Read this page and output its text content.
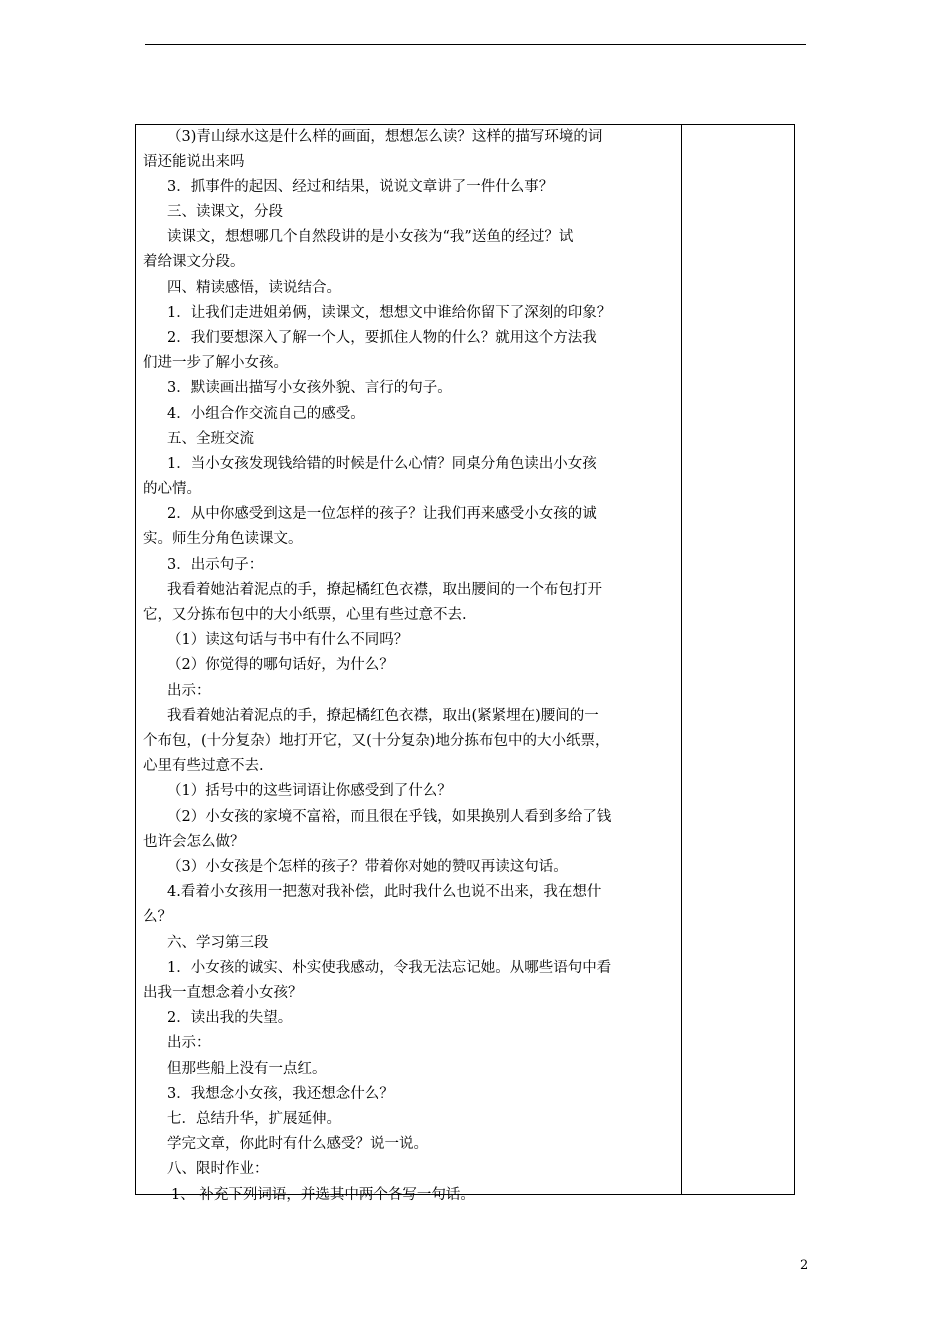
（3)青山绿水这是什么样的画面，想想怎么读？这样的描写环境的词
语还能说出来吗
3．抓事件的起因、经过和结果，说说文章讲了一件什么事？
三、读课文，分段
读课文，想想哪几个自然段讲的是小女孩为“我”送鱼的经过？试
着给课文分段。
四、精读感悟，读说结合。
1．让我们走进姐弟俩，读课文，想想文中谁给你留下了深刻的印象？
2．我们要想深入了解一个人，要抓住人物的什么？就用这个方法我
们进一步了解小女孩。
3．默读画出描写小女孩外貌、言行的句子。
4．小组合作交流自己的感受。
五、全班交流
1．当小女孩发现钱给错的时候是什么心情？同桌分角色读出小女孩
的心情。
2．从中你感受到这是一位怎样的孩子？让我们再来感受小女孩的诚
实。师生分角色读课文。
3．出示句子：
我看着她沾着泥点的手，撩起橘红色衣襟，取出腰间的一个布包打开
它，又分拣布包中的大小纸票，心里有些过意不去.
（1）读这句话与书中有什么不同吗？
（2）你觉得的哪句话好，为什么？
出示：
我看着她沾着泥点的手，撩起橘红色衣襟，取出(紧紧埋在)腰间的一
个布包，(十分复杂）地打开它，又(十分复杂)地分拣布包中的大小纸票，
心里有些过意不去.
（1）括号中的这些词语让你感受到了什么？
（2）小女孩的家境不富裕，而且很在乎钱，如果换别人看到多给了钱
也许会怎么做？
（3）小女孩是个怎样的孩子？带着你对她的赞叹再读这句话。
4.看着小女孩用一把葱对我补偿，此时我什么也说不出来，我在想什
么？
六、学习第三段
1．小女孩的诚实、朴实使我感动，令我无法忘记她。从哪些语句中看
出我一直想念着小女孩？
2．读出我的失望。
出示：
但那些船上没有一点红。
3．我想念小女孩，我还想念什么？
七．总结升华，扩展延伸。
学完文章，你此时有什么感受？说一说。
八、限时作业：
1、 补充下列词语，并选其中两个各写一句话。
2
